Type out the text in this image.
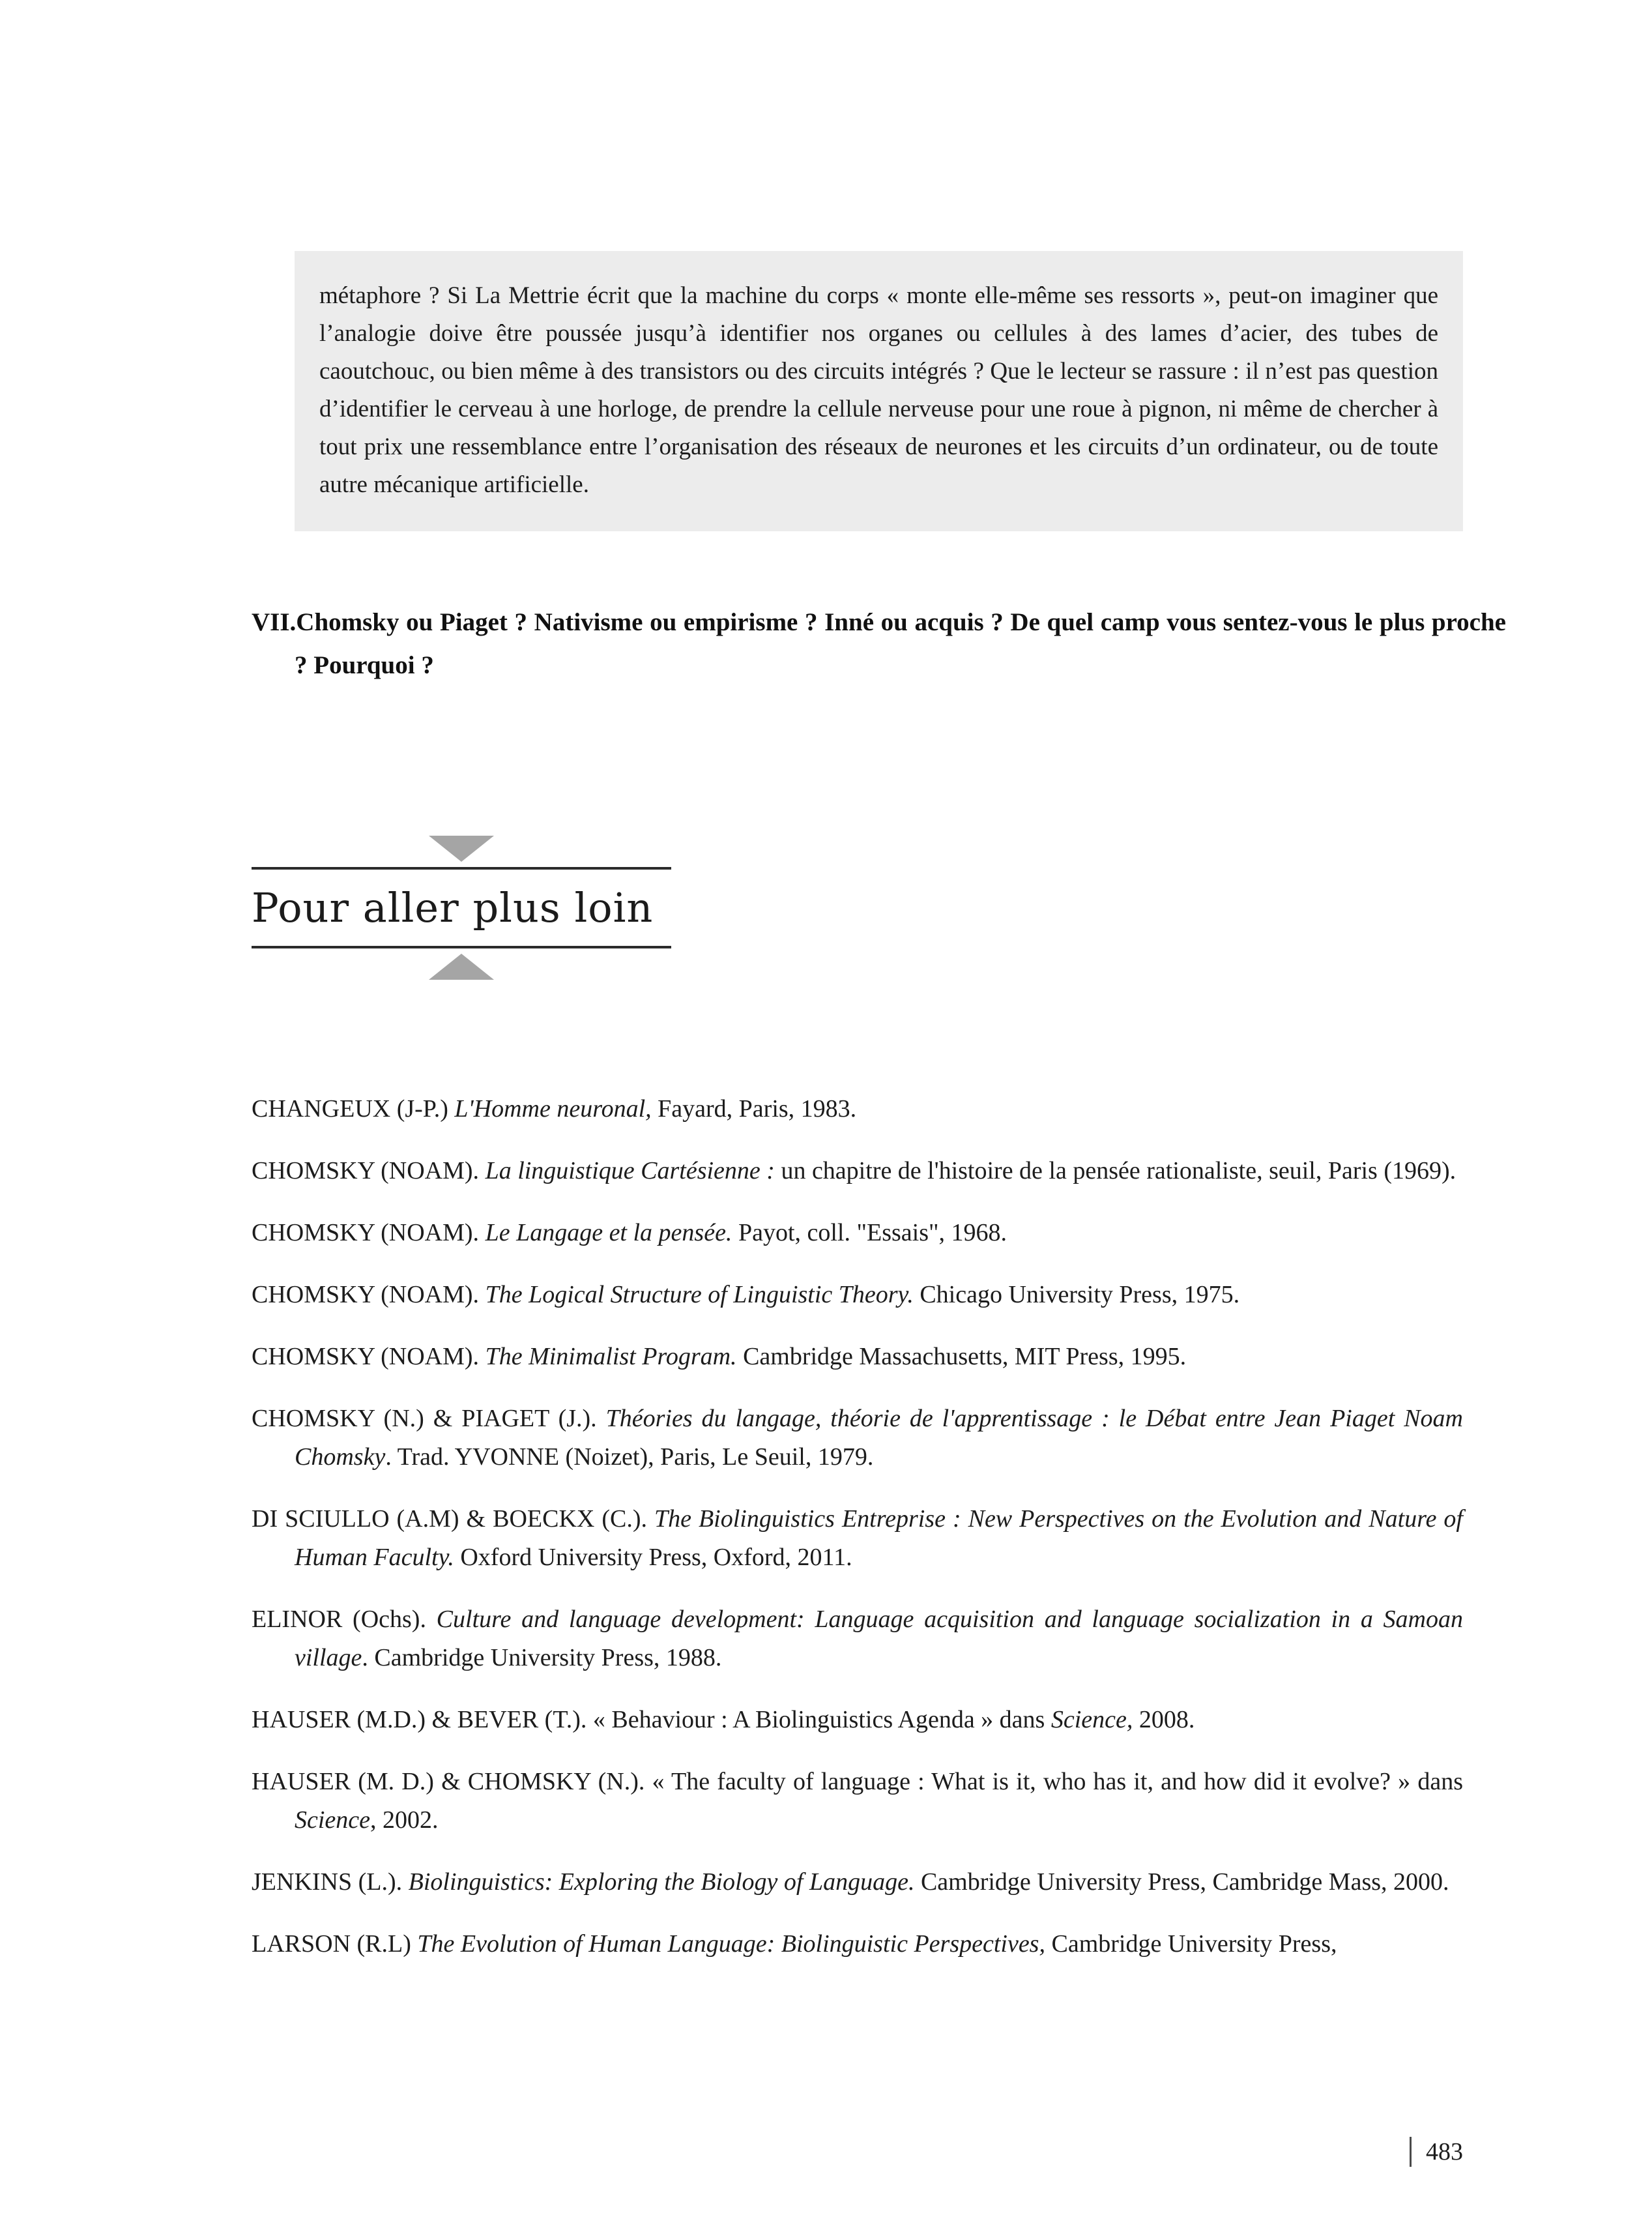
métaphore ? Si La Mettrie écrit que la machine du corps « monte elle-même ses ressorts », peut-on imaginer que l’analogie doive être poussée jusqu’à identifier nos organes ou cellules à des lames d’acier, des tubes de caoutchouc, ou bien même à des transistors ou des circuits intégrés ? Que le lecteur se rassure : il n’est pas question d’identifier le cerveau à une horloge, de prendre la cellule nerveuse pour une roue à pignon, ni même de chercher à tout prix une ressemblance entre l’organisation des réseaux de neurones et les circuits d’un ordinateur, ou de toute autre mécanique artificielle.

VII.Chomsky ou Piaget ? Nativisme ou empirisme ? Inné ou acquis ? De quel camp vous sentez-vous le plus proche ? Pourquoi ?
Pour aller plus loin

CHANGEUX (J-P.) L'Homme neuronal, Fayard, Paris, 1983.

CHOMSKY (NOAM). La linguistique Cartésienne : un chapitre de l'histoire de la pensée rationaliste, seuil, Paris (1969).

CHOMSKY (NOAM). Le Langage et la pensée. Payot, coll. "Essais", 1968.

CHOMSKY (NOAM). The Logical Structure of Linguistic Theory. Chicago University Press, 1975.

CHOMSKY (NOAM). The Minimalist Program. Cambridge Massachusetts, MIT Press, 1995.

CHOMSKY (N.) & PIAGET (J.). Théories du langage, théorie de l'apprentissage : le Débat entre Jean Piaget Noam Chomsky. Trad. YVONNE (Noizet), Paris, Le Seuil, 1979.

DI SCIULLO (A.M) & BOECKX (C.). The Biolinguistics Entreprise : New Perspectives on the Evolution and Nature of Human Faculty. Oxford University Press, Oxford, 2011.

ELINOR (Ochs). Culture and language development: Language acquisition and language socialization in a Samoan village. Cambridge University Press, 1988.

HAUSER (M.D.) & BEVER (T.). « Behaviour : A Biolinguistics Agenda » dans Science, 2008.

HAUSER (M. D.) & CHOMSKY (N.). « The faculty of language : What is it, who has it, and how did it evolve? » dans Science, 2002.

JENKINS (L.). Biolinguistics: Exploring the Biology of Language. Cambridge University Press, Cambridge Mass, 2000.

LARSON (R.L) The Evolution of Human Language: Biolinguistic Perspectives, Cambridge University Press,

483
